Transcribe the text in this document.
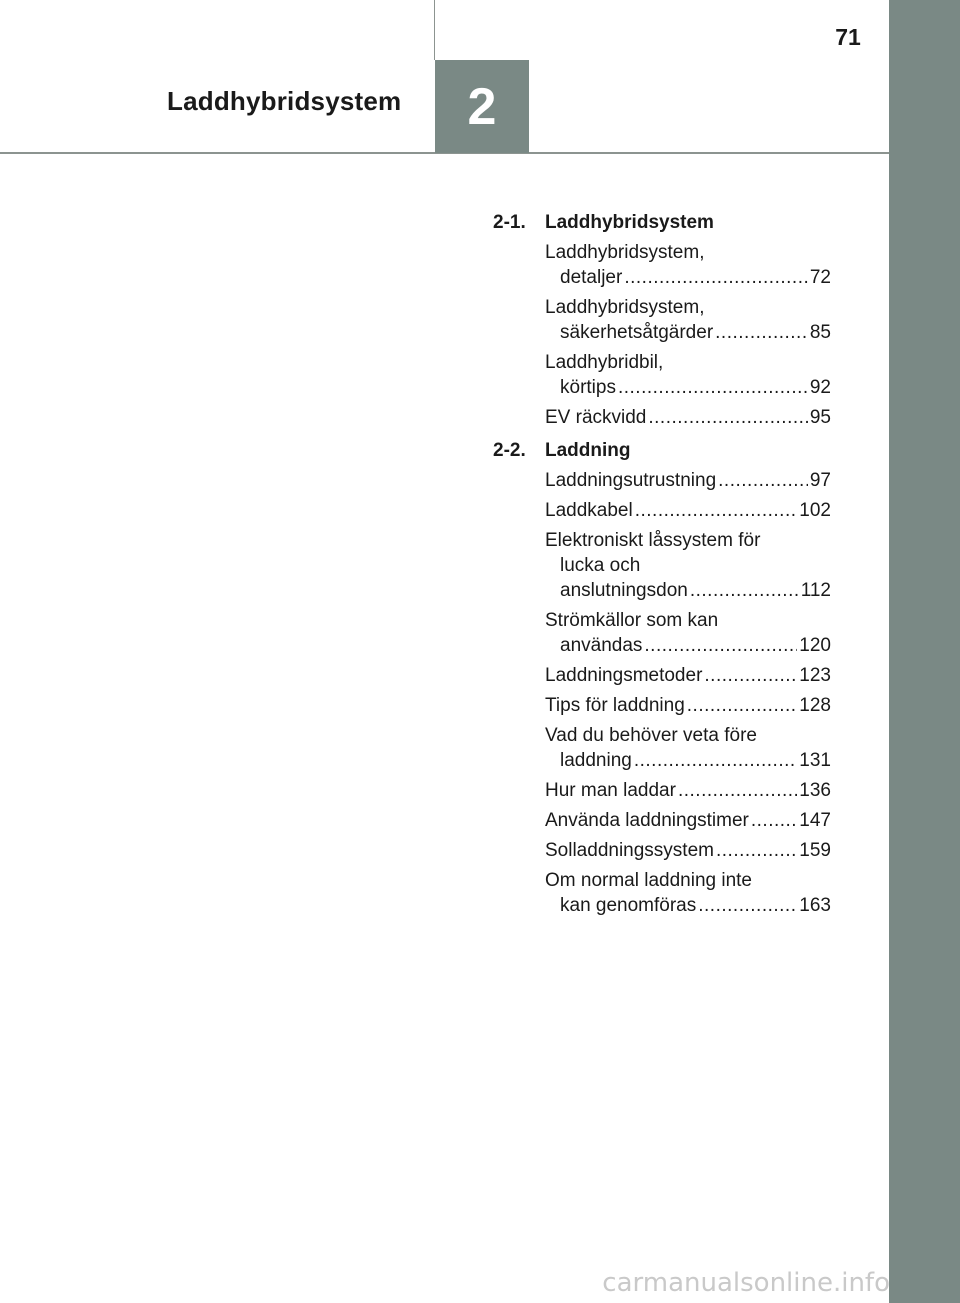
Laddhybridsystem 2
71
2-1.	Laddhybridsystem
Laddhybridsystem,
detaljer .....	72
Laddhybridsystem,
säkerhetsåtgärder .....	85
Laddhybridbil,
körtips .....	92
EV räckvidd .....	95
2-2.	Laddning
Laddningsutrustning .....	97
Laddkabel .....	102
Elektroniskt låssystem för
lucka och
anslutningsdon .....	112
Strömkällor som kan
användas .....	120
Laddningsmetoder .....	123
Tips för laddning .....	128
Vad du behöver veta före
laddning .....	131
Hur man laddar .....	136
Använda laddningstimer .....	147
Solladdningssystem .....	159
Om normal laddning inte
kan genomföras .....	163
carmanualsonline.info
